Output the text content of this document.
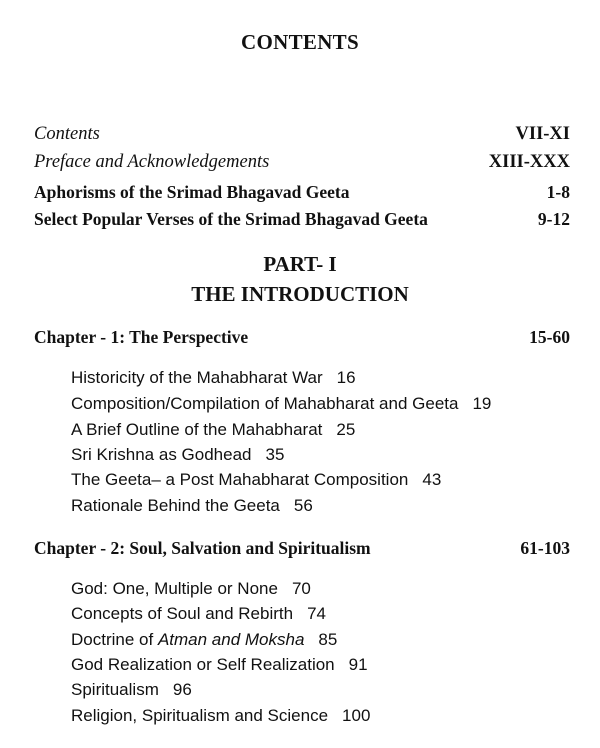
CONTENTS
Contents	VII-XI
Preface and Acknowledgements	XIII-XXX
Aphorisms of the Srimad Bhagavad Geeta	1-8
Select Popular Verses of the Srimad Bhagavad Geeta	9-12
PART- I
THE INTRODUCTION
Chapter - 1: The Perspective	15-60
Historicity of the Mahabharat War 16
Composition/Compilation of Mahabharat and Geeta 19
A Brief Outline of the Mahabharat 25
Sri Krishna as Godhead 35
The Geeta– a Post Mahabharat Composition 43
Rationale Behind the Geeta 56
Chapter - 2: Soul, Salvation and Spiritualism	61-103
God: One, Multiple or None 70
Concepts of Soul and Rebirth 74
Doctrine of Atman and Moksha 85
God Realization or Self Realization 91
Spiritualism 96
Religion, Spiritualism and Science 100
